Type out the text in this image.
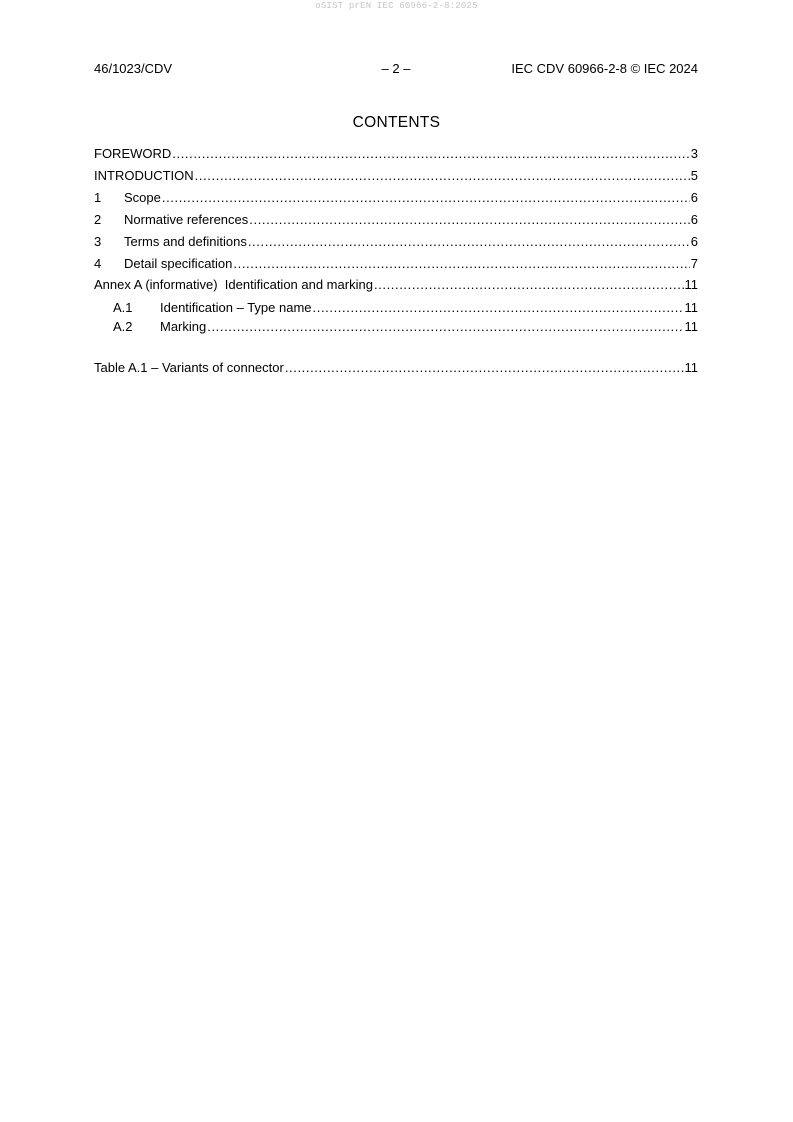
oSIST prEN IEC 60966-2-8:2025
46/1023/CDV	– 2 –	IEC CDV 60966-2-8 © IEC 2024
CONTENTS
FOREWORD .....	3
INTRODUCTION .....	5
1	Scope .....	6
2	Normative references .....	6
3	Terms and definitions .....	6
4	Detail specification .....	7
Annex A (informative)  Identification and marking .....	11
A.1	Identification – Type name .....	11
A.2	Marking .....	11
Table A.1 – Variants of connector .....	11
